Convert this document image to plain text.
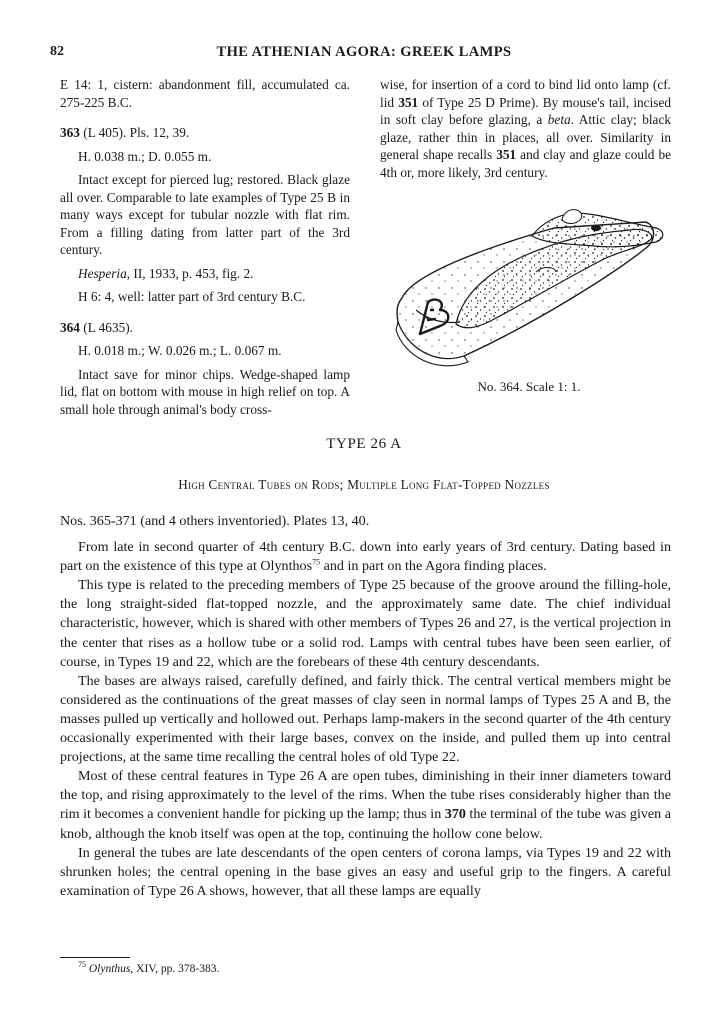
82	THE ATHENIAN AGORA: GREEK LAMPS

E 14: 1, cistern: abandonment fill, accumulated ca. 275-225 B.C.

363 (L 405). Pls. 12, 39.

H. 0.038 m.; D. 0.055 m.

Intact except for pierced lug; restored. Black glaze all over. Comparable to late examples of Type 25 B in many ways except for tubular nozzle with flat rim. From a filling dating from latter part of the 3rd century.

Hesperia, II, 1933, p. 453, fig. 2.

H 6: 4, well: latter part of 3rd century B.C.

364 (L 4635).

H. 0.018 m.; W. 0.026 m.; L. 0.067 m.

Intact save for minor chips. Wedge-shaped lamp lid, flat on bottom with mouse in high relief on top. A small hole through animal's body cross-

wise, for insertion of a cord to bind lid onto lamp (cf. lid 351 of Type 25 D Prime). By mouse's tail, incised in soft clay before glazing, a beta. Attic clay; black glaze, rather thin in places, all over. Similarity in general shape recalls 351 and clay and glaze could be 4th or, more likely, 3rd century.

No. 364. Scale 1: 1.
TYPE 26 A
High Central Tubes on Rods; Multiple Long Flat-Topped Nozzles

Nos. 365-371 (and 4 others inventoried). Plates 13, 40.

From late in second quarter of 4th century B.C. down into early years of 3rd century. Dating based in part on the existence of this type at Olynthos$^{75}$ and in part on the Agora finding places.

This type is related to the preceding members of Type 25 because of the groove around the filling-hole, the long straight-sided flat-topped nozzle, and the approximately same date. The chief individual characteristic, however, which is shared with other members of Types 26 and 27, is the vertical projection in the center that rises as a hollow tube or a solid rod. Lamps with central tubes have been seen earlier, of course, in Types 19 and 22, which are the forebears of these 4th century descendants.

The bases are always raised, carefully defined, and fairly thick. The central vertical members might be considered as the continuations of the great masses of clay seen in normal lamps of Types 25 A and B, the masses pulled up vertically and hollowed out. Perhaps lamp-makers in the second quarter of the 4th century occasionally experimented with their large bases, convex on the inside, and pulled them up into central projections, at the same time recalling the central holes of old Type 22.

Most of these central features in Type 26 A are open tubes, diminishing in their inner diameters toward the top, and rising approximately to the level of the rims. When the tube rises considerably higher than the rim it becomes a convenient handle for picking up the lamp; thus in 370 the terminal of the tube was given a knob, although the knob itself was open at the top, continuing the hollow cone below.

In general the tubes are late descendants of the open centers of corona lamps, via Types 19 and 22 with shrunken holes; the central opening in the base gives an easy and useful grip to the fingers. A careful examination of Type 26 A shows, however, that all these lamps are equally

$^{75}$ Olynthus, XIV, pp. 378-383.
